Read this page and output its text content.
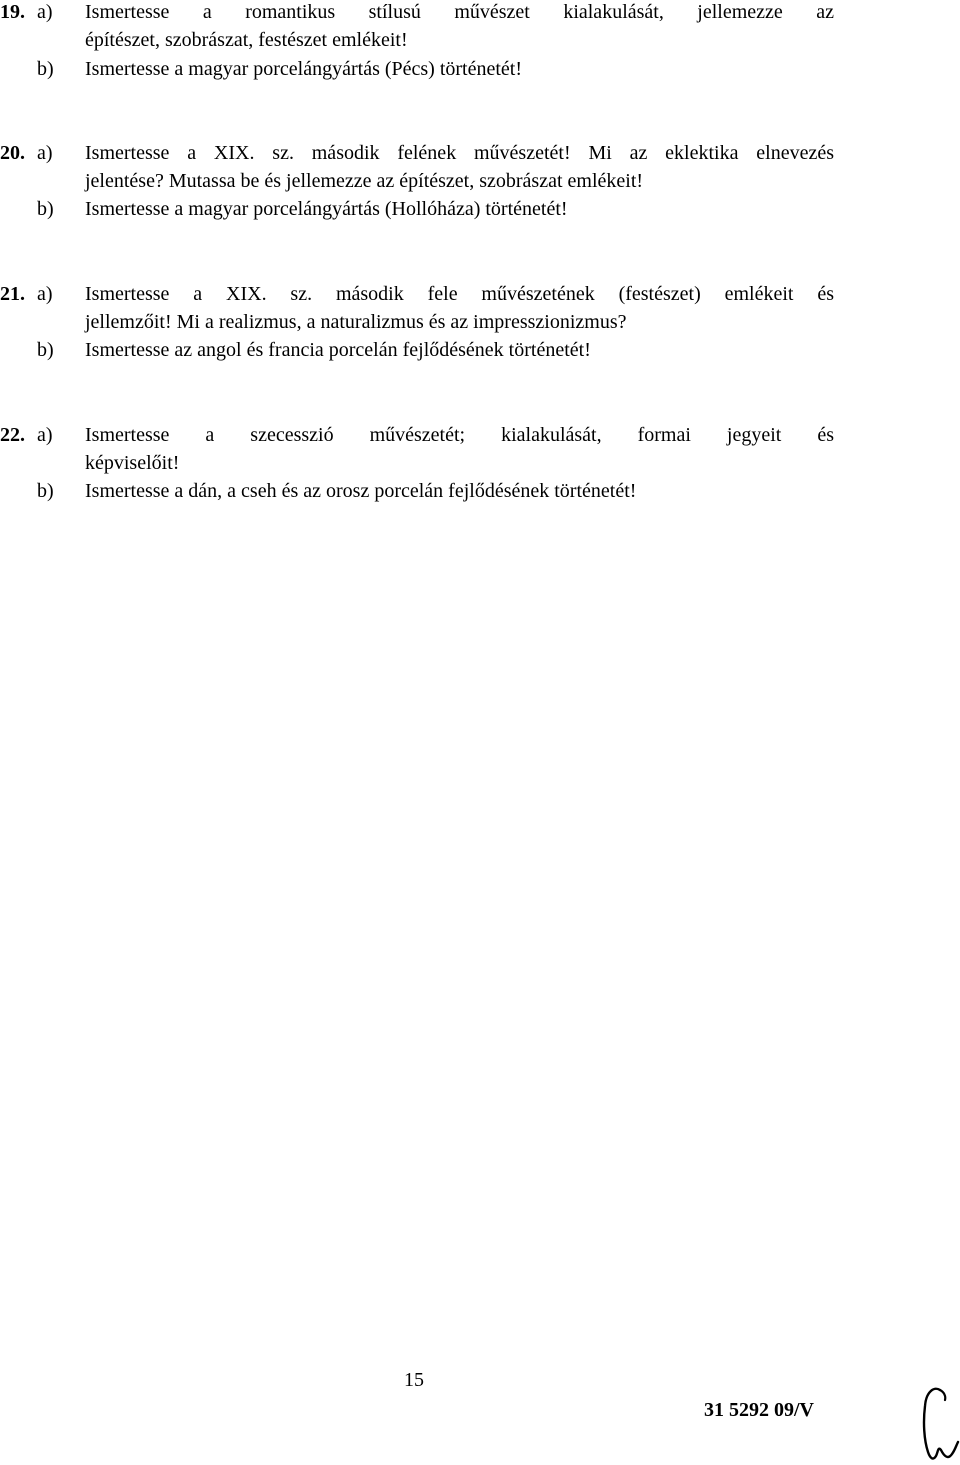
19. a) Ismertesse a romantikus stílusú művészet kialakulását, jellemezze az
építészet, szobrászat, festészet emlékeit!
b) Ismertesse a magyar porcelángyártás (Pécs) történetét!
20. a) Ismertesse a XIX. sz. második felének művészetét! Mi az eklektika elnevezés
jelentése? Mutassa be és jellemezze az építészet, szobrászat emlékeit!
b) Ismertesse a magyar porcelángyártás (Hollóháza) történetét!
21. a) Ismertesse a XIX. sz. második fele művészetének (festészet) emlékeit és
jellemzőit! Mi a realizmus, a naturalizmus és az impresszionizmus?
b) Ismertesse az angol és francia porcelán fejlődésének történetét!
22. a) Ismertesse a szecesszió művészetét; kialakulását, formai jegyeit és
képviselőit!
b) Ismertesse a dán, a cseh és az orosz porcelán fejlődésének történetét!
15
31 5292 09/V
